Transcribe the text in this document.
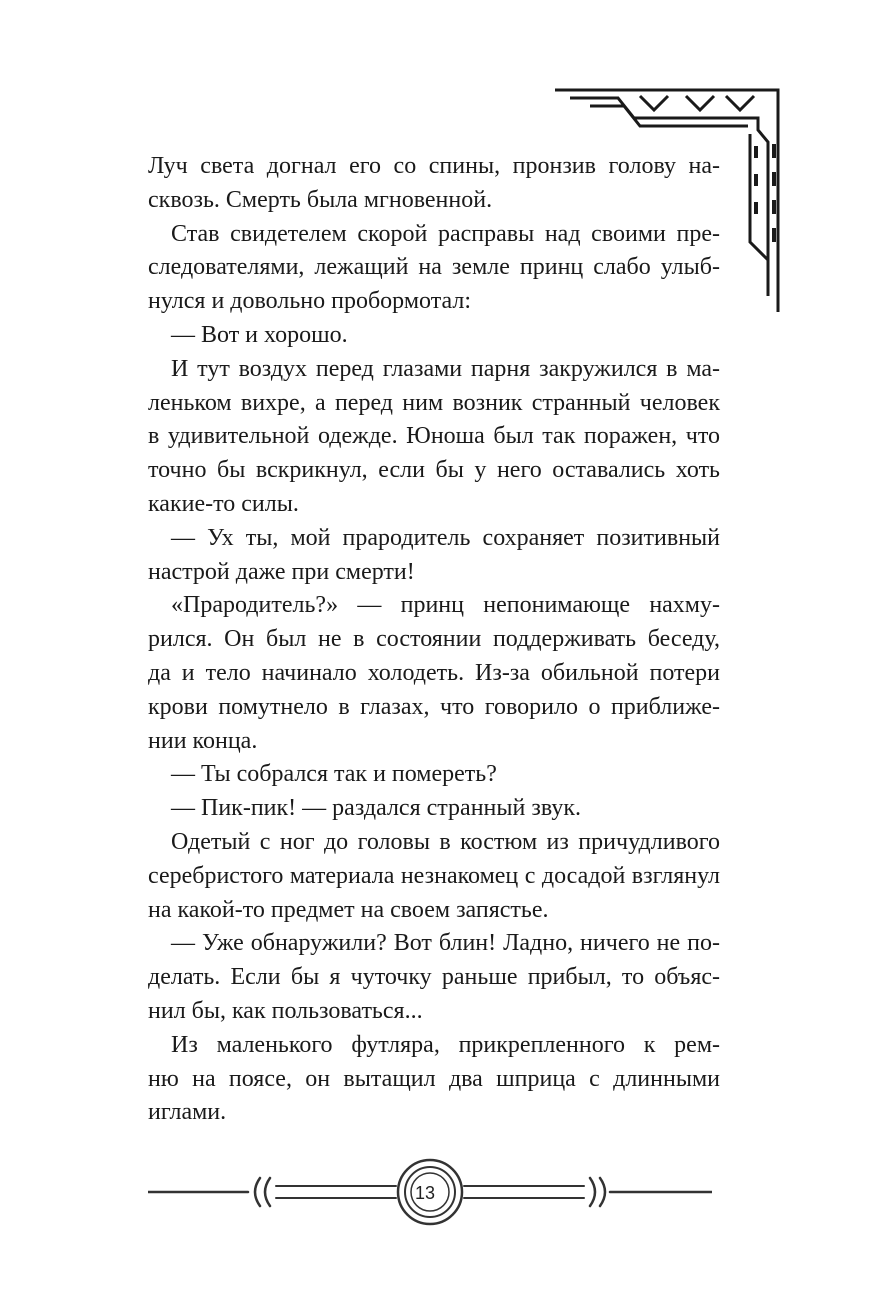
Луч света догнал его со спины, пронзив голову на-
сквозь. Смерть была мгновенной.
Став свидетелем скорой расправы над своими пре-
следователями, лежащий на земле принц слабо улыб-
нулся и довольно пробормотал:
— Вот и хорошо.
И тут воздух перед глазами парня закружился в ма-
леньком вихре, а перед ним возник странный человек
в удивительной одежде. Юноша был так поражен, что
точно бы вскрикнул, если бы у него оставались хоть
какие-то силы.
— Ух ты, мой прародитель сохраняет позитивный
настрой даже при смерти!
«Прародитель?» — принц непонимающе нахму-
рился. Он был не в состоянии поддерживать беседу,
да и тело начинало холодеть. Из-за обильной потери
крови помутнело в глазах, что говорило о приближе-
нии конца.
— Ты собрался так и помереть?
— Пик-пик! — раздался странный звук.
Одетый с ног до головы в костюм из причудливого
серебристого материала незнакомец с досадой взглянул
на какой-то предмет на своем запястье.
— Уже обнаружили? Вот блин! Ладно, ничего не по-
делать. Если бы я чуточку раньше прибыл, то объяс-
нил бы, как пользоваться...
Из маленького футляра, прикрепленного к рем-
ню на поясе, он вытащил два шприца с длинными
иглами.
13
